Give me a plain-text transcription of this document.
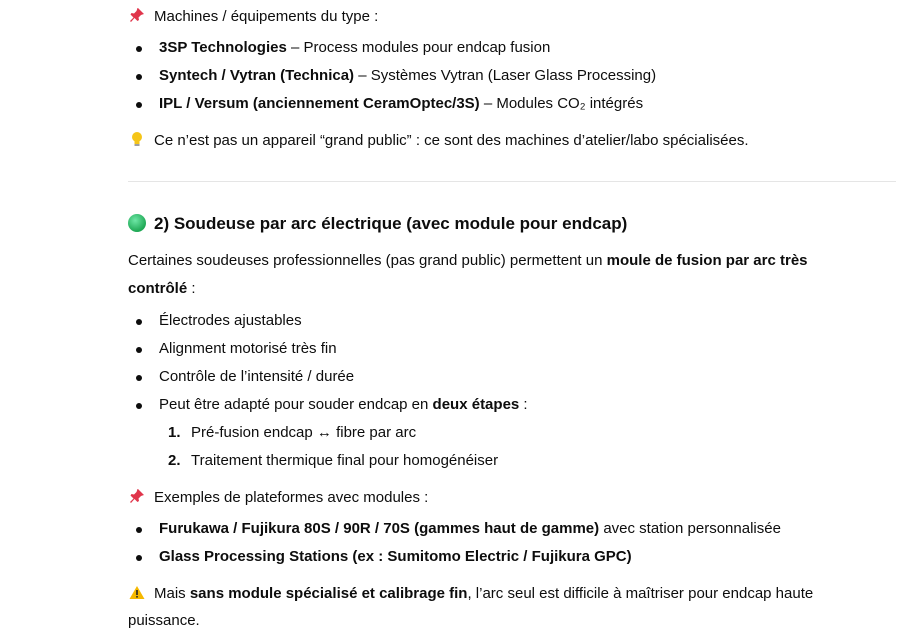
Machines / équipements du type :
3SP Technologies – Process modules pour endcap fusion
Syntech / Vytran (Technica) – Systèmes Vytran (Laser Glass Processing)
IPL / Versum (anciennement CeramOptec/3S) – Modules CO₂ intégrés
Ce n’est pas un appareil “grand public” : ce sont des machines d’atelier/labo spécialisées.
2) Soudeuse par arc électrique (avec module pour endcap)
Certaines soudeuses professionnelles (pas grand public) permettent un moule de fusion par arc très
contrôlé :
Électrodes ajustables
Alignment motorisé très fin
Contrôle de l’intensité / durée
Peut être adapté pour souder endcap en deux étapes :
1. Pré-fusion endcap ↔ fibre par arc
2. Traitement thermique final pour homogénéiser
Exemples de plateformes avec modules :
Furukawa / Fujikura 80S / 90R / 70S (gammes haut de gamme) avec station personnalisée
Glass Processing Stations (ex : Sumitomo Electric / Fujikura GPC)
Mais sans module spécialisé et calibrage fin, l’arc seul est difficile à maîtriser pour endcap haute
puissance.
